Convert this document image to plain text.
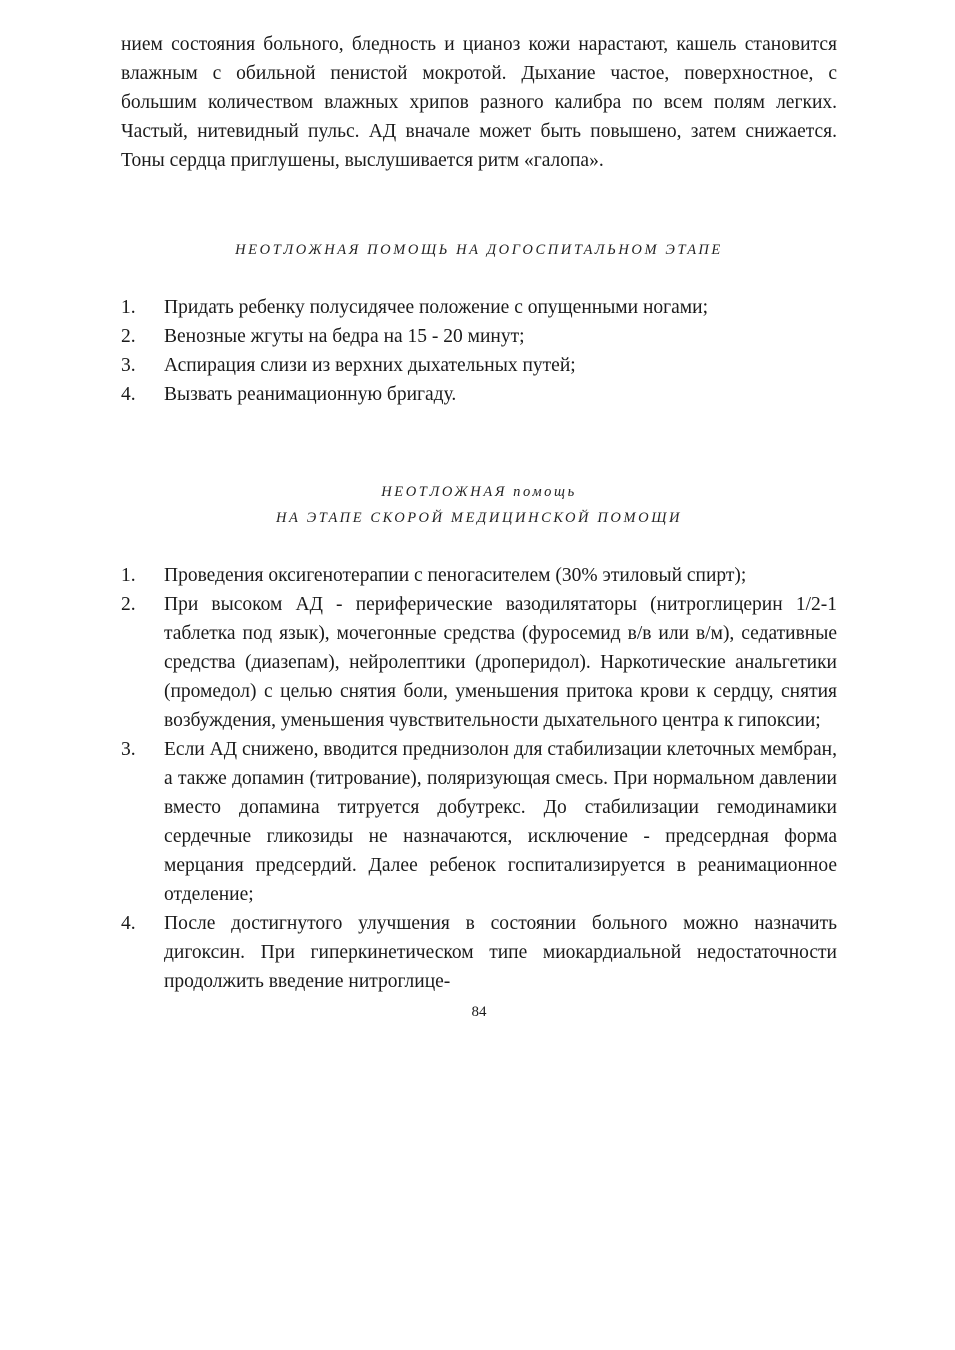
нием состояния больного, бледность и цианоз кожи нарастают, кашель становится влажным с обильной пенистой мокротой. Дыхание частое, поверхностное, с большим количеством влажных хрипов разного калибра по всем полям легких. Частый, нитевидный пульс. АД вначале может быть повышено, затем снижается. Тоны сердца приглушены, выслушивается ритм «галопа».

НЕОТЛОЖНАЯ ПОМОЩЬ НА ДОГОСПИТАЛЬНОМ ЭТАПЕ

1.	Придать ребенку полусидячее положение с опущенными ногами;
2.	Венозные жгуты на бедра на 15 - 20 минут;
3.	Аспирация слизи из верхних дыхательных путей;
4.	Вызвать реанимационную бригаду.
НЕОТЛОЖНАЯ помощь
НА ЭТАПЕ СКОРОЙ МЕДИЦИНСКОЙ ПОМОЩИ
1.	Проведения оксигенотерапии с пеногасителем (30% этиловый спирт);
2.	При высоком АД - периферические вазодилятаторы (нитроглицерин 1/2-1 таблетка под язык), мочегонные средства (фуросемид в/в или в/м), седативные средства (диазепам), нейролептики (дроперидол). Наркотические анальгетики (промедол) с целью снятия боли, уменьшения притока крови к сердцу, снятия возбуждения, уменьшения чувствительности дыхательного центра к гипоксии;
3.	Если АД снижено, вводится преднизолон для стабилизации клеточных мембран, а также допамин (титрование), поляризующая смесь. При нормальном давлении вместо допамина титруется добутрекс. До стабилизации гемодинамики сердечные гликозиды не назначаются, исключение - предсердная форма мерцания предсердий. Далее ребенок госпитализируется в реанимационное отделение;
4.	После достигнутого улучшения в состоянии больного можно назначить дигоксин. При гиперкинетическом типе миокардиальной недостаточности продолжить введение нитроглице-
84
